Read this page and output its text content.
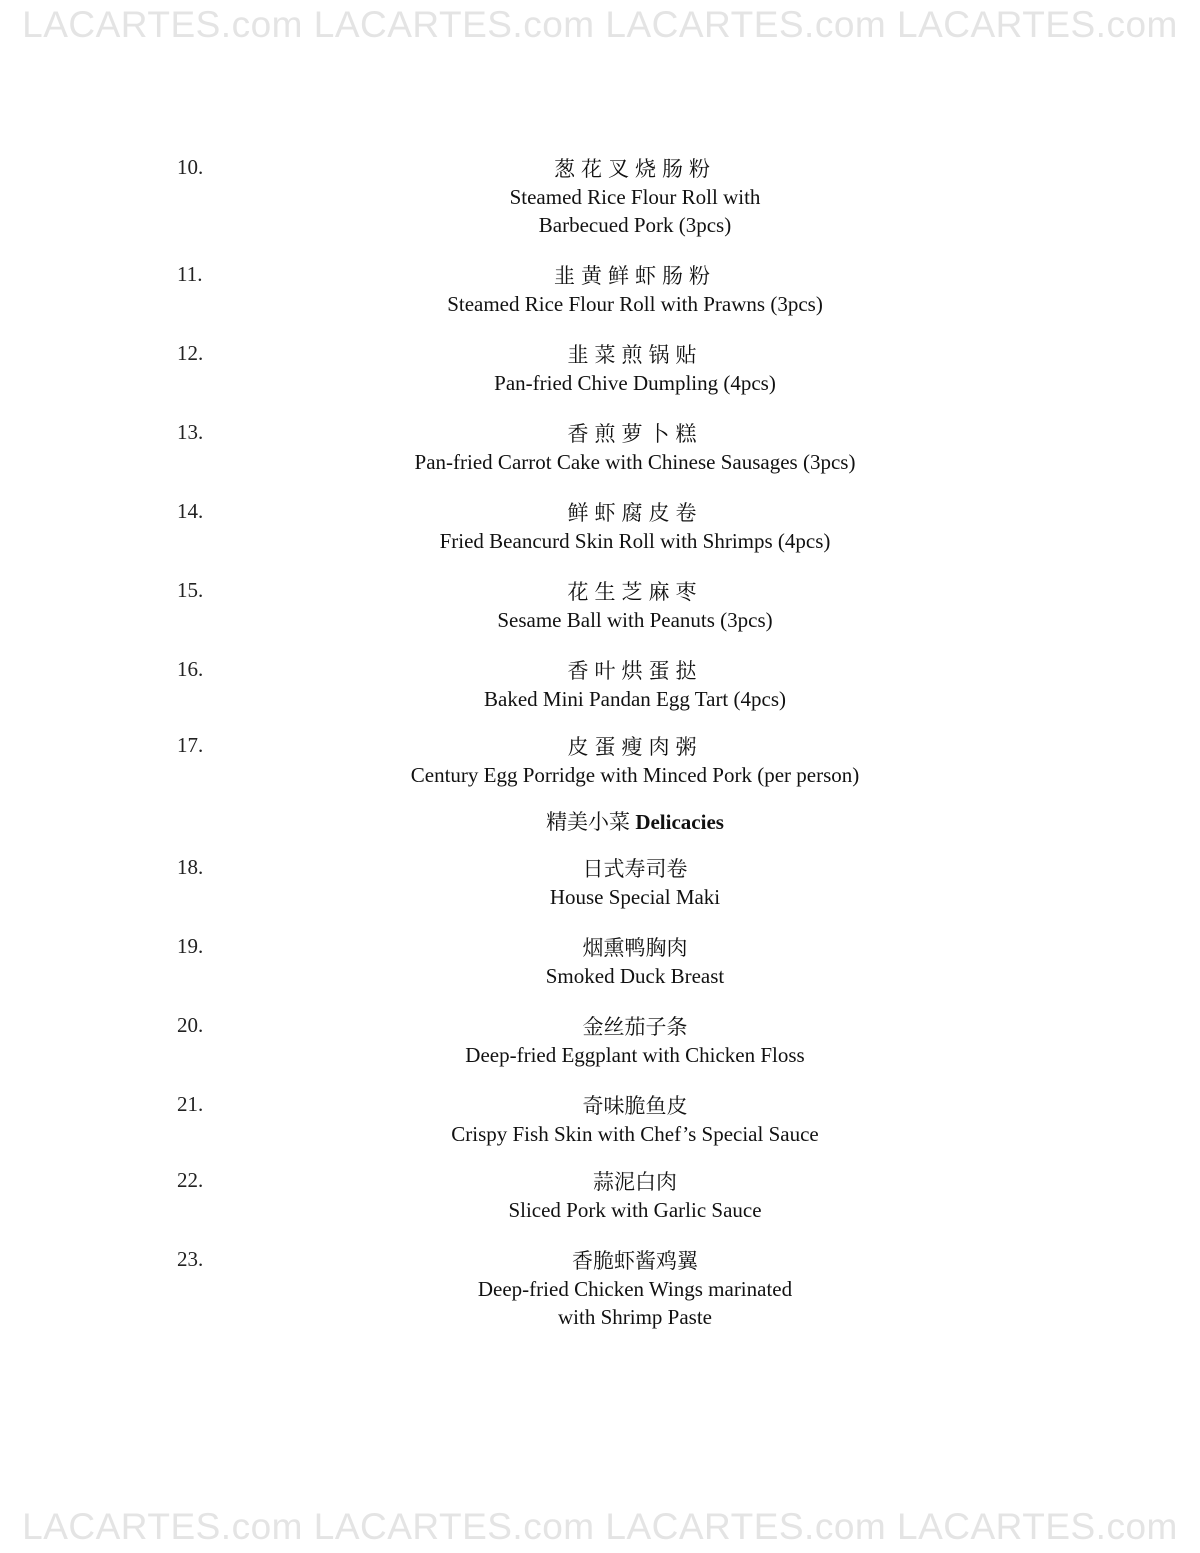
LACARTES.com LACARTES.com LACARTES.com LACARTES.com
10.	葱花叉烧肠粉
Steamed Rice Flour Roll with
Barbecued Pork (3pcs)
11.	韭黄鲜虾肠粉
Steamed Rice Flour Roll with Prawns (3pcs)
12.	韭菜煎锅贴
Pan-fried Chive Dumpling (4pcs)
13.	香煎萝卜糕
Pan-fried Carrot Cake with Chinese Sausages (3pcs)
14.	鲜虾腐皮卷
Fried Beancurd Skin Roll with Shrimps (4pcs)
15.	花生芝麻枣
Sesame Ball with Peanuts (3pcs)
16.	香叶烘蛋挞
Baked Mini Pandan Egg Tart (4pcs)
17.	皮蛋瘦肉粥
Century Egg Porridge with Minced Pork (per person)
精美小菜 Delicacies
18.	日式寿司卷
House Special Maki
19.	烟熏鸭胸肉
Smoked Duck Breast
20.	金丝茄子条
Deep-fried Eggplant with Chicken Floss
21.	奇味脆鱼皮
Crispy Fish Skin with Chef’s Special Sauce
22.	蒜泥白肉
Sliced Pork with Garlic Sauce
23.	香脆虾酱鸡翼
Deep-fried Chicken Wings marinated
with Shrimp Paste
LACARTES.com LACARTES.com LACARTES.com LACARTES.com
